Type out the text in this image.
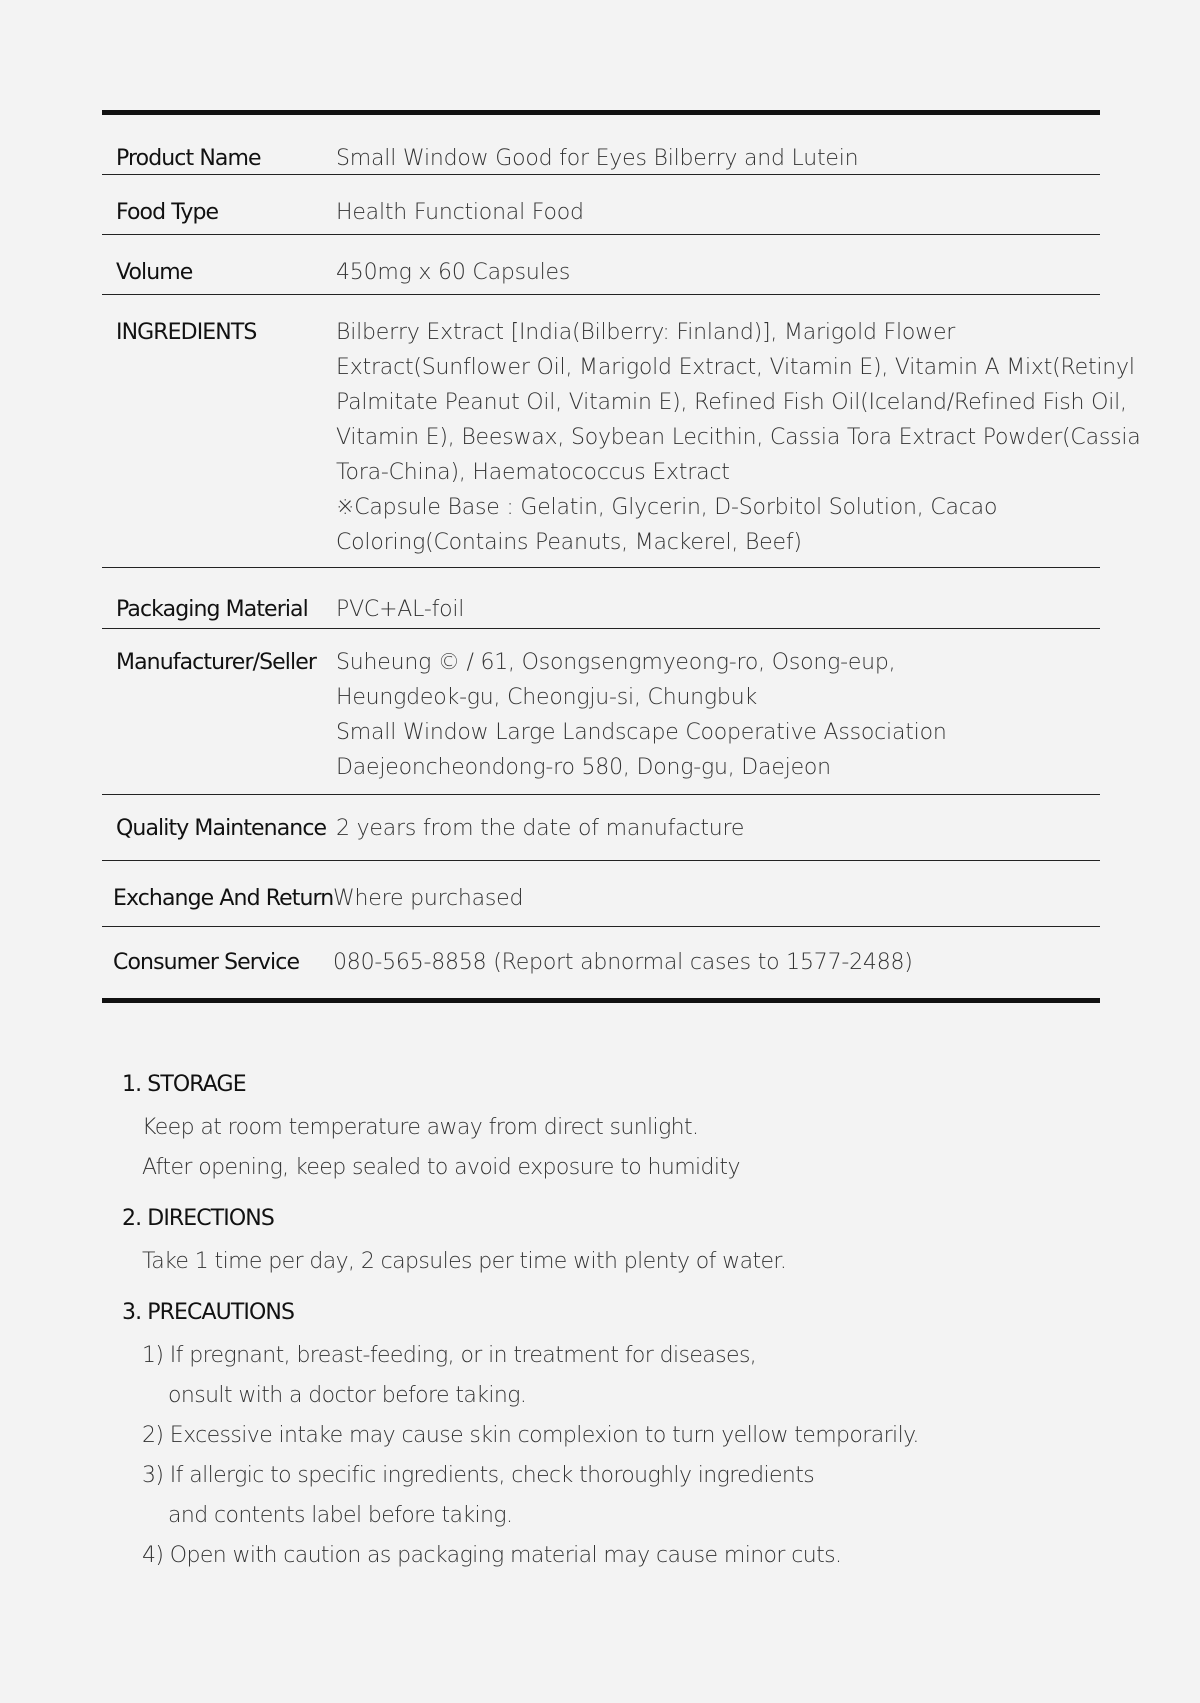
Product Name	Small Window Good for Eyes Bilberry and Lutein
Food Type	Health Functional Food
Volume	450mg x 60 Capsules
INGREDIENTS	Bilberry Extract [India(Bilberry: Finland)], Marigold Flower
Extract(Sunflower Oil, Marigold Extract, Vitamin E), Vitamin A Mixt(Retinyl
Palmitate Peanut Oil, Vitamin E), Refined Fish Oil(Iceland/Refined Fish Oil,
Vitamin E), Beeswax, Soybean Lecithin, Cassia Tora Extract Powder(Cassia
Tora-China), Haematococcus Extract
※Capsule Base : Gelatin, Glycerin, D-Sorbitol Solution, Cacao
Coloring(Contains Peanuts, Mackerel, Beef)
Packaging Material	PVC+AL-foil
Manufacturer/Seller Suheung © / 61, Osongsengmyeong-ro, Osong-eup,
Heungdeok-gu, Cheongju-si, Chungbuk
Small Window Large Landscape Cooperative Association
Daejeoncheondong-ro 580, Dong-gu, Daejeon
Quality Maintenance 2 years from the date of manufacture
Exchange And Return Where purchased
Consumer Service	080-565-8858 (Report abnormal cases to 1577-2488)
1. STORAGE
Keep at room temperature away from direct sunlight.
After opening, keep sealed to avoid exposure to humidity
2. DIRECTIONS
Take 1 time per day, 2 capsules per time with plenty of water.
3. PRECAUTIONS
1) If pregnant, breast-feeding, or in treatment for diseases,
onsult with a doctor before taking.
2) Excessive intake may cause skin complexion to turn yellow temporarily.
3) If allergic to specific ingredients, check thoroughly ingredients
and contents label before taking.
4) Open with caution as packaging material may cause minor cuts.
